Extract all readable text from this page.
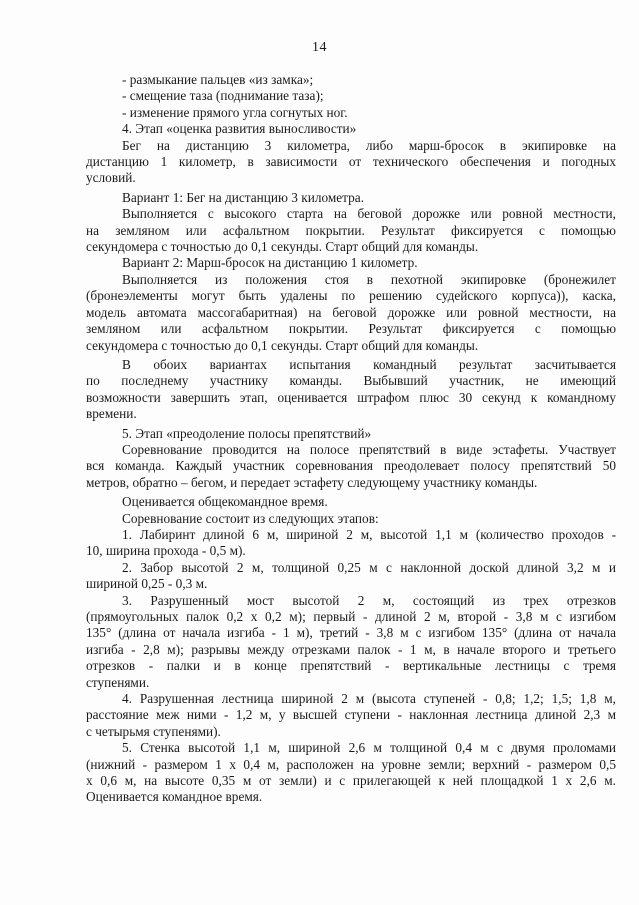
14
- размыкание пальцев «из замка»;
- смещение таза (поднимание таза);
- изменение прямого угла согнутых ног.
4. Этап «оценка развития выносливости»
Бег на дистанцию 3 километра, либо марш-бросок в экипировке на
дистанцию 1 километр, в зависимости от технического обеспечения и погодных
условий.
Вариант 1: Бег на дистанцию 3 километра.
Выполняется с высокого старта на беговой дорожке или ровной местности,
на земляном или асфальтном покрытии. Результат фиксируется с помощью
секундомера с точностью до 0,1 секунды. Старт общий для команды.
Вариант 2: Марш-бросок на дистанцию 1 километр.
Выполняется из положения стоя в пехотной экипировке (бронежилет
(бронеэлементы могут быть удалены по решению судейского корпуса)), каска,
модель автомата массогабаритная) на беговой дорожке или ровной местности, на
земляном или асфальтном покрытии. Результат фиксируется с помощью
секундомера с точностью до 0,1 секунды. Старт общий для команды.
В обоих вариантах испытания командный результат засчитывается
по последнему участнику команды. Выбывший участник, не имеющий
возможности завершить этап, оценивается штрафом плюс 30 секунд к командному
времени.
5. Этап «преодоление полосы препятствий»
Соревнование проводится на полосе препятствий в виде эстафеты. Участвует
вся команда. Каждый участник соревнования преодолевает полосу препятствий 50
метров, обратно – бегом, и передает эстафету следующему участнику команды.
Оценивается общекомандное время.
Соревнование состоит из следующих этапов:
1. Лабиринт длиной 6 м, шириной 2 м, высотой 1,1 м (количество проходов -
10, ширина прохода - 0,5 м).
2. Забор высотой 2 м, толщиной 0,25 м с наклонной доской длиной 3,2 м и
шириной 0,25 - 0,3 м.
3. Разрушенный мост высотой 2 м, состоящий из трех отрезков
(прямоугольных палок 0,2 х 0,2 м); первый - длиной 2 м, второй - 3,8 м с изгибом
135° (длина от начала изгиба - 1 м), третий - 3,8 м с изгибом 135° (длина от начала
изгиба - 2,8 м); разрывы между отрезками палок - 1 м, в начале второго и третьего
отрезков - палки и в конце препятствий - вертикальные лестницы с тремя
ступенями.
4. Разрушенная лестница шириной 2 м (высота ступеней - 0,8; 1,2; 1,5; 1,8 м,
расстояние меж ними - 1,2 м, у высшей ступени - наклонная лестница длиной 2,3 м
с четырьмя ступенями).
5. Стенка высотой 1,1 м, шириной 2,6 м толщиной 0,4 м с двумя проломами
(нижний - размером 1 х 0,4 м, расположен на уровне земли; верхний - размером 0,5
х 0,6 м, на высоте 0,35 м от земли) и с прилегающей к ней площадкой 1 х 2,6 м.
Оценивается командное время.
